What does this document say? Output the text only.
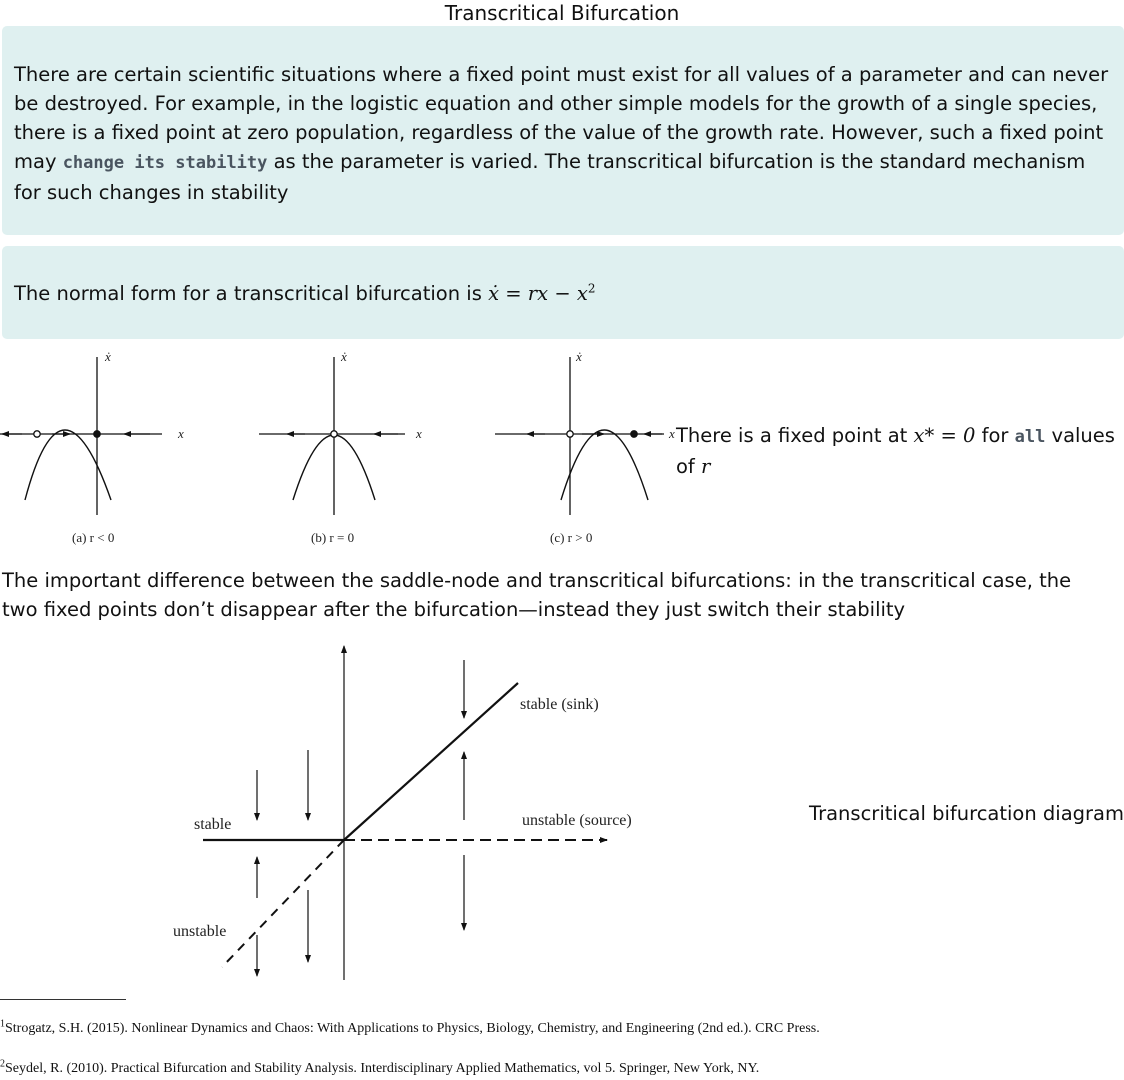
Transcritical Bifurcation
There are certain scientific situations where a fixed point must exist for all values of a parameter and can never be destroyed. For example, in the logistic equation and other simple models for the growth of a single species, there is a fixed point at zero population, regardless of the value of the growth rate. However, such a fixed point may change its stability as the parameter is varied. The transcritical bifurcation is the standard mechanism for such changes in stability
The normal form for a transcritical bifurcation is ẋ = rx − $x^2$
ẋ
x
(a) r < 0
ẋ
x
(b) r = 0
ẋ
x
(c) r > 0
There is a fixed point at x* = 0 for all values of r
The important difference between the saddle-node and transcritical bifurcations: in the transcritical case, the two fixed points don’t disappear after the bifurcation—instead they just switch their stability
stable
unstable
stable (sink)
unstable (source)	Transcritical bifurcation diagram
$^1$Strogatz, S.H. (2015). Nonlinear Dynamics and Chaos: With Applications to Physics, Biology, Chemistry, and Engineering (2nd ed.). CRC Press.
$^2$Seydel, R. (2010). Practical Bifurcation and Stability Analysis. Interdisciplinary Applied Mathematics, vol 5. Springer, New York, NY.
